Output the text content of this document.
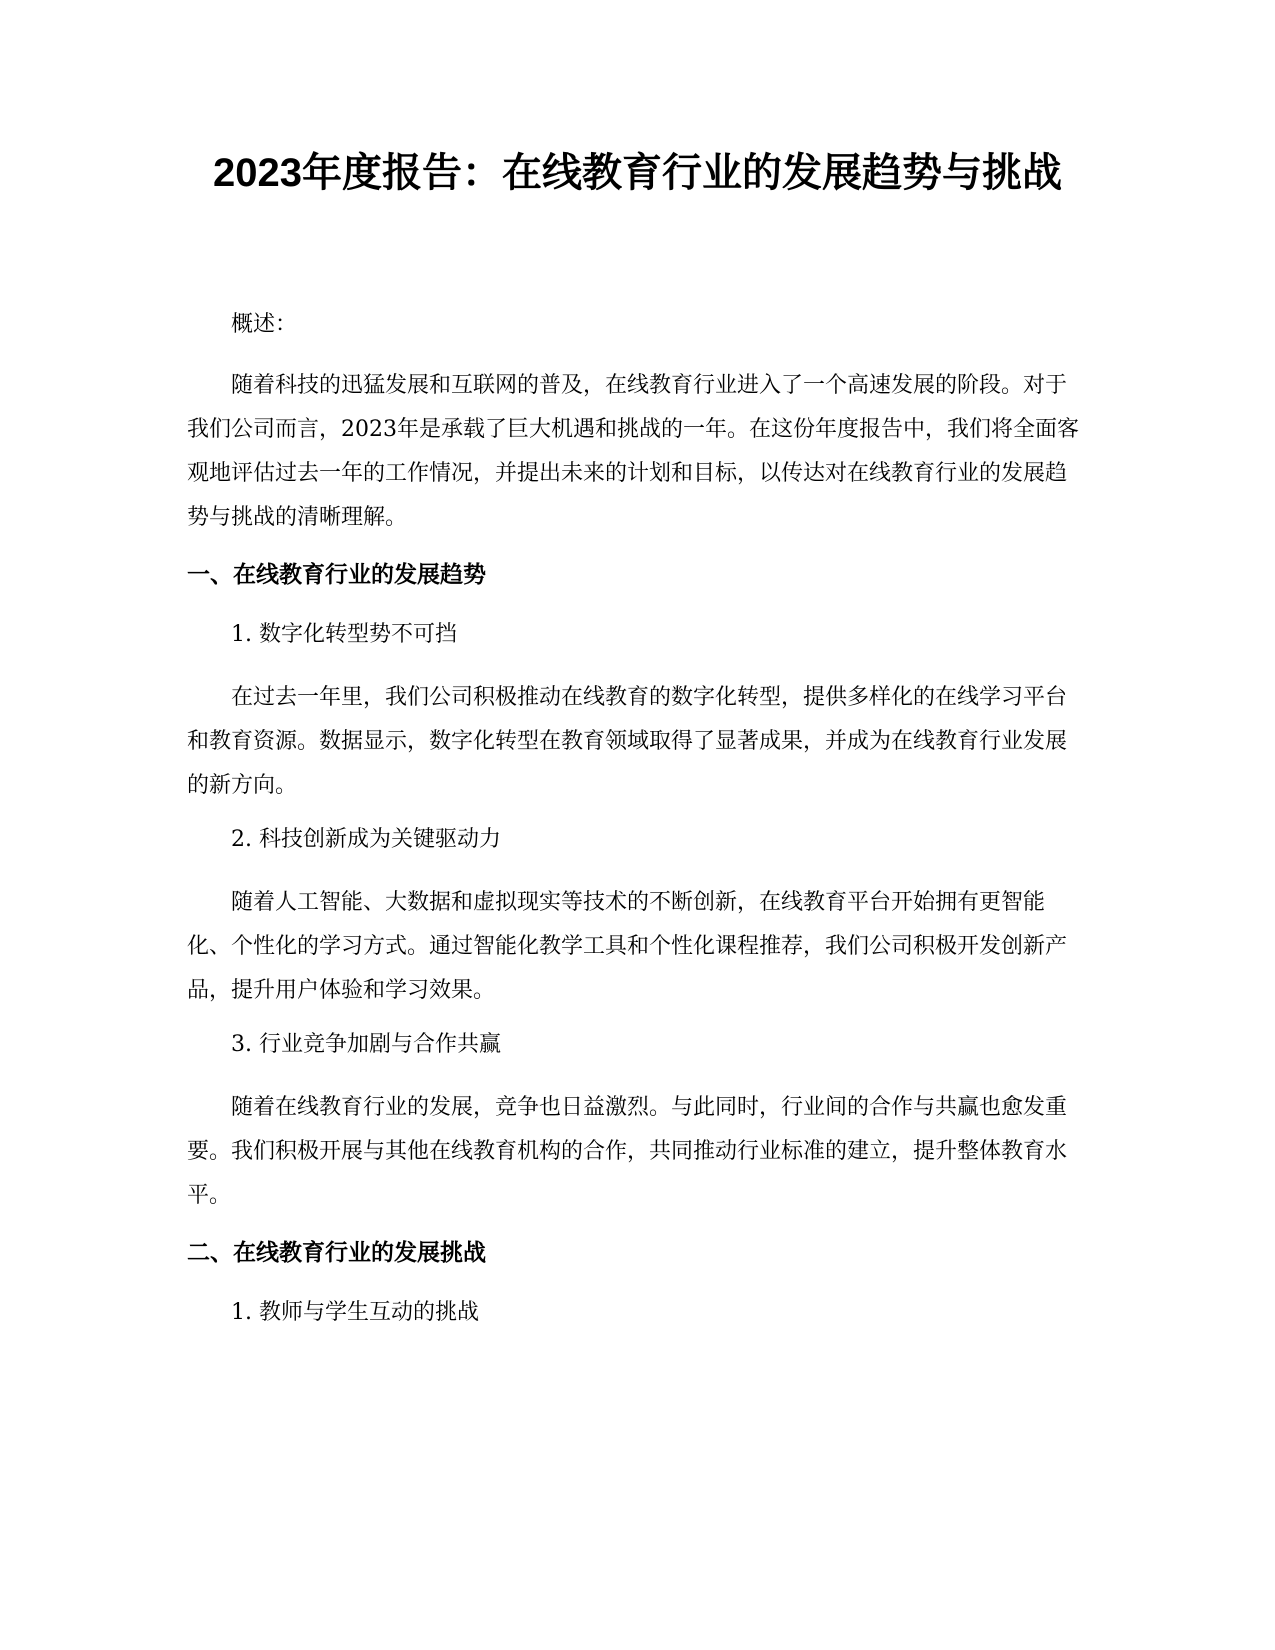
2023年度报告：在线教育行业的发展趋势与挑战

概述：

随着科技的迅猛发展和互联网的普及，在线教育行业进入了一个高速发展的阶段。对于我们公司而言，2023年是承载了巨大机遇和挑战的一年。在这份年度报告中，我们将全面客观地评估过去一年的工作情况，并提出未来的计划和目标，以传达对在线教育行业的发展趋势与挑战的清晰理解。

一、在线教育行业的发展趋势

1. 数字化转型势不可挡

在过去一年里，我们公司积极推动在线教育的数字化转型，提供多样化的在线学习平台和教育资源。数据显示，数字化转型在教育领域取得了显著成果，并成为在线教育行业发展的新方向。

2. 科技创新成为关键驱动力

随着人工智能、大数据和虚拟现实等技术的不断创新，在线教育平台开始拥有更智能化、个性化的学习方式。通过智能化教学工具和个性化课程推荐，我们公司积极开发创新产品，提升用户体验和学习效果。

3. 行业竞争加剧与合作共赢

随着在线教育行业的发展，竞争也日益激烈。与此同时，行业间的合作与共赢也愈发重要。我们积极开展与其他在线教育机构的合作，共同推动行业标准的建立，提升整体教育水平。

二、在线教育行业的发展挑战

1. 教师与学生互动的挑战
